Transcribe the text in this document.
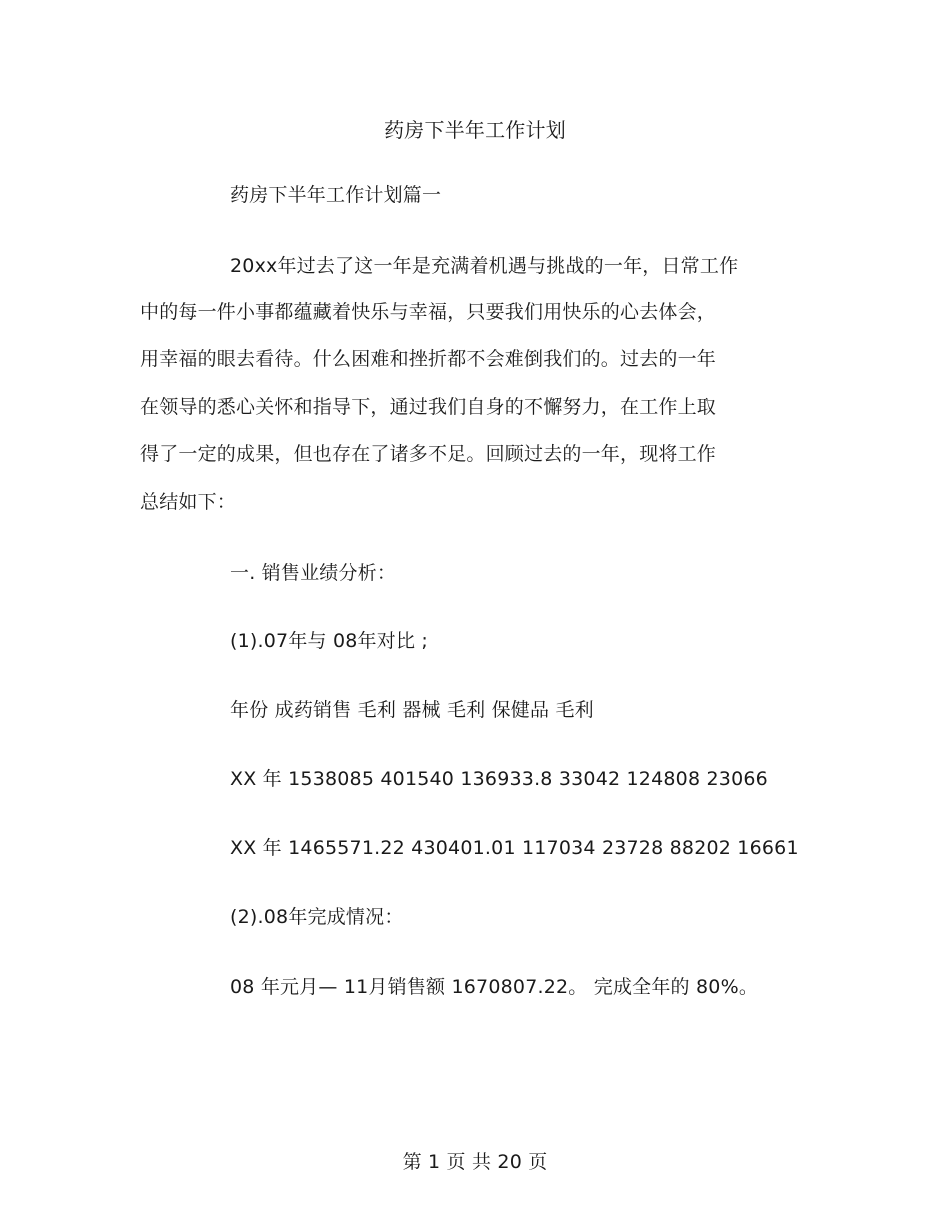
药房下半年工作计划
药房下半年工作计划篇一
20xx年过去了这一年是充满着机遇与挑战的一年，日常工作
中的每一件小事都蕴藏着快乐与幸福，只要我们用快乐的心去体会，
用幸福的眼去看待。什么困难和挫折都不会难倒我们的。过去的一年
在领导的悉心关怀和指导下，通过我们自身的不懈努力，在工作上取
得了一定的成果，但也存在了诸多不足。回顾过去的一年，现将工作
总结如下：
一. 销售业绩分析：
(1).07年与 08年对比 ;
年份 成药销售 毛利 器械 毛利 保健品 毛利
XX 年 1538085 401540 136933.8 33042 124808 23066
XX 年 1465571.22 430401.01 117034 23728 88202 16661
(2).08年完成情况：
08 年元月— 11月销售额 1670807.22。 完成全年的 80%。
第 1 页 共 20 页
